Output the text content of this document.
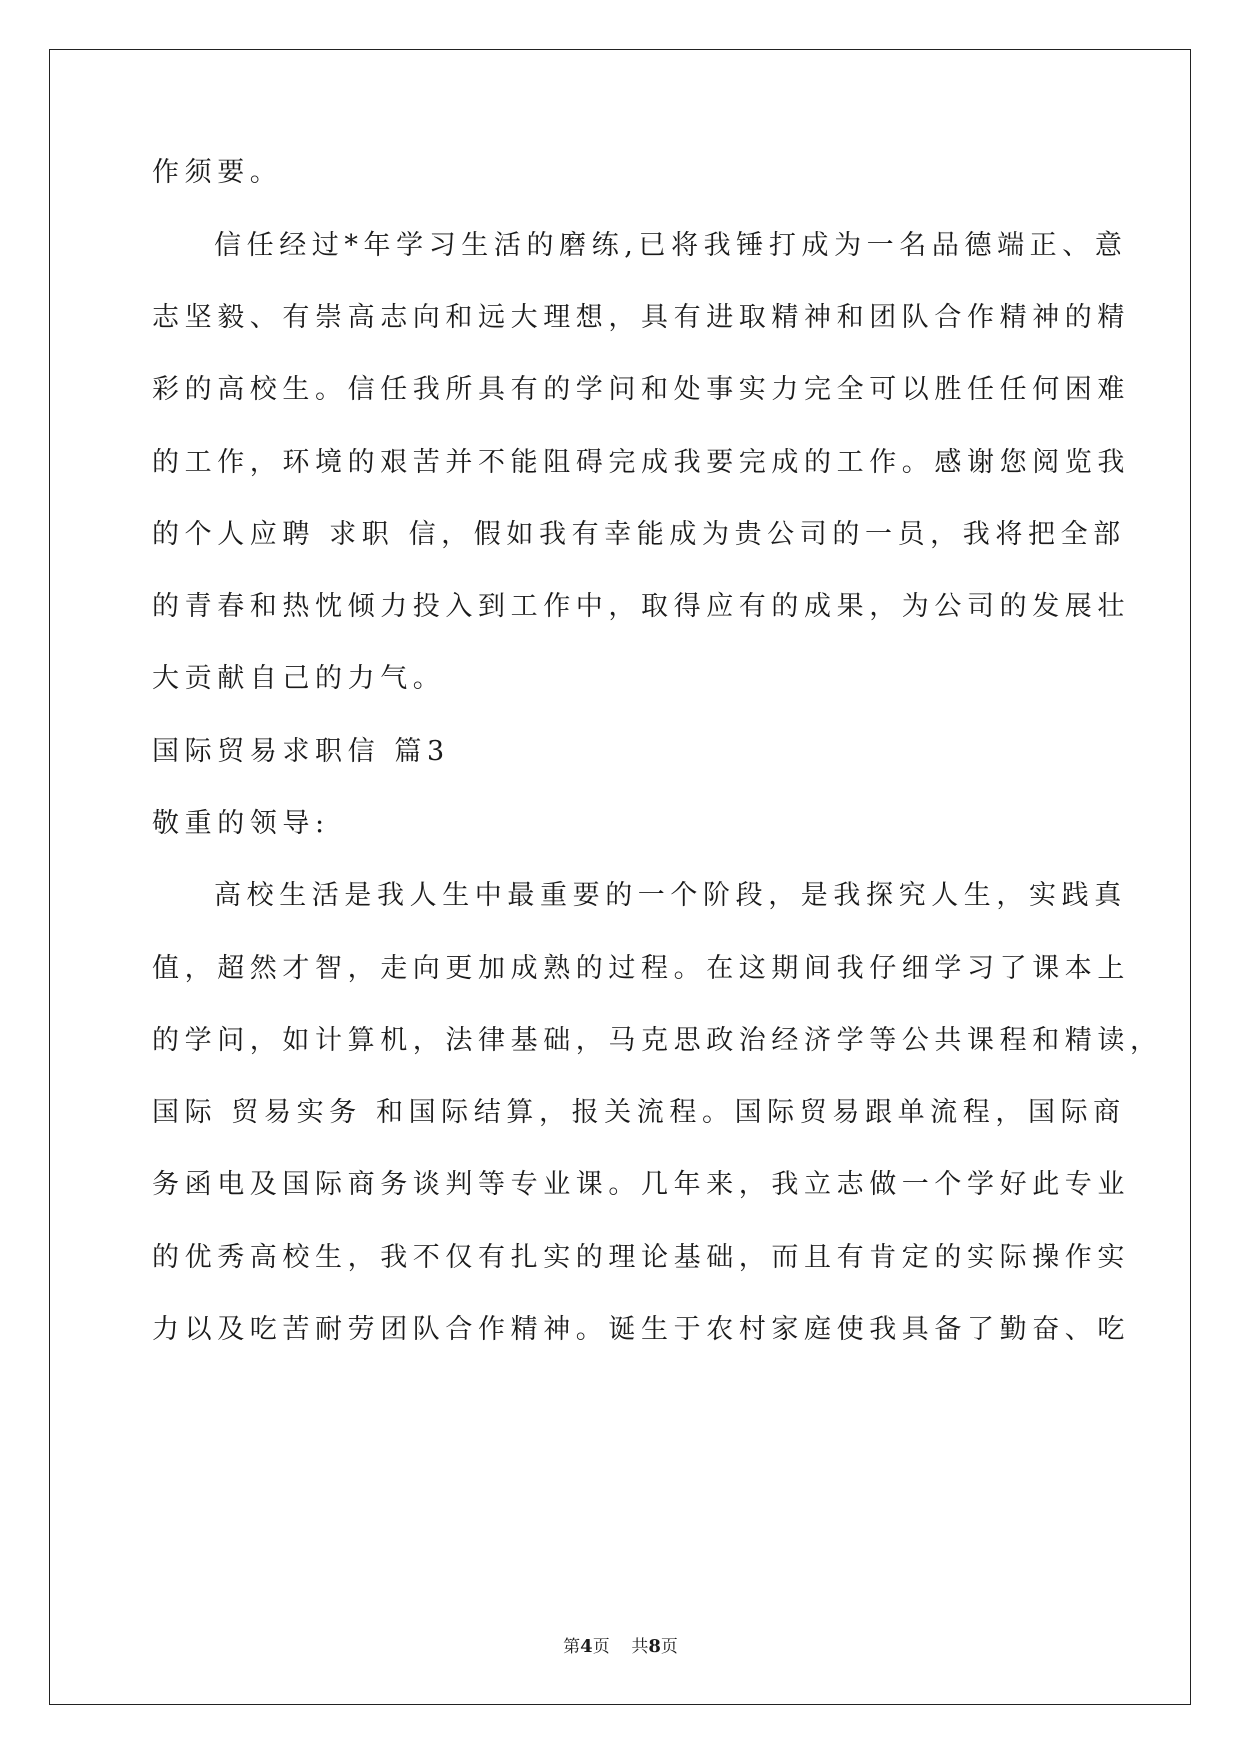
作须要。
信任经过*年学习生活的磨练,已将我锤打成为一名品德端正、意
志坚毅、有崇高志向和远大理想，具有进取精神和团队合作精神的精
彩的高校生。信任我所具有的学问和处事实力完全可以胜任任何困难
的工作，环境的艰苦并不能阻碍完成我要完成的工作。感谢您阅览我
的个人应聘 求职 信，假如我有幸能成为贵公司的一员，我将把全部
的青春和热忱倾力投入到工作中，取得应有的成果，为公司的发展壮
大贡献自己的力气。
国际贸易求职信 篇3
敬重的领导:
高校生活是我人生中最重要的一个阶段，是我探究人生，实践真
值，超然才智，走向更加成熟的过程。在这期间我仔细学习了课本上
的学问，如计算机，法律基础，马克思政治经济学等公共课程和精读，
国际 贸易实务 和国际结算，报关流程。国际贸易跟单流程，国际商
务函电及国际商务谈判等专业课。几年来，我立志做一个学好此专业
的优秀高校生，我不仅有扎实的理论基础，而且有肯定的实际操作实
力以及吃苦耐劳团队合作精神。诞生于农村家庭使我具备了勤奋、吃
第4页 共8页
